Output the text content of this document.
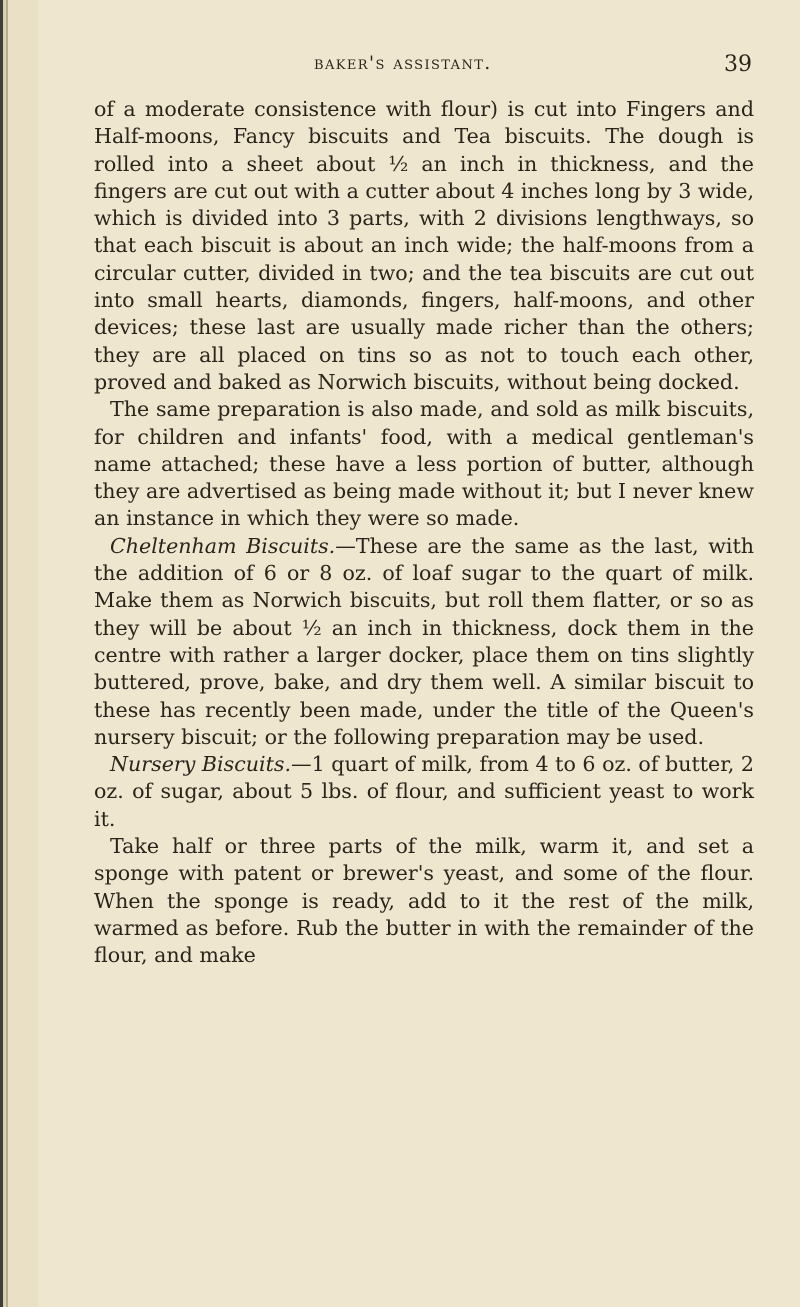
baker's assistant.	39

of a moderate consistence with flour) is cut into Fingers and Half-moons, Fancy biscuits and Tea biscuits. The dough is rolled into a sheet about ½ an inch in thickness, and the fingers are cut out with a cutter about 4 inches long by 3 wide, which is divided into 3 parts, with 2 divisions lengthways, so that each biscuit is about an inch wide; the half-moons from a circular cutter, divided in two; and the tea biscuits are cut out into small hearts, diamonds, fingers, half-moons, and other devices; these last are usually made richer than the others; they are all placed on tins so as not to touch each other, proved and baked as Norwich biscuits, without being docked.

The same preparation is also made, and sold as milk biscuits, for children and infants' food, with a medical gentleman's name attached; these have a less portion of butter, although they are advertised as being made without it; but I never knew an instance in which they were so made.

Cheltenham Biscuits.—These are the same as the last, with the addition of 6 or 8 oz. of loaf sugar to the quart of milk. Make them as Norwich biscuits, but roll them flatter, or so as they will be about ½ an inch in thickness, dock them in the centre with rather a larger docker, place them on tins slightly buttered, prove, bake, and dry them well. A similar biscuit to these has recently been made, under the title of the Queen's nursery biscuit; or the following preparation may be used.

Nursery Biscuits.—1 quart of milk, from 4 to 6 oz. of butter, 2 oz. of sugar, about 5 lbs. of flour, and sufficient yeast to work it.

Take half or three parts of the milk, warm it, and set a sponge with patent or brewer's yeast, and some of the flour. When the sponge is ready, add to it the rest of the milk, warmed as before. Rub the butter in with the remainder of the flour, and make
